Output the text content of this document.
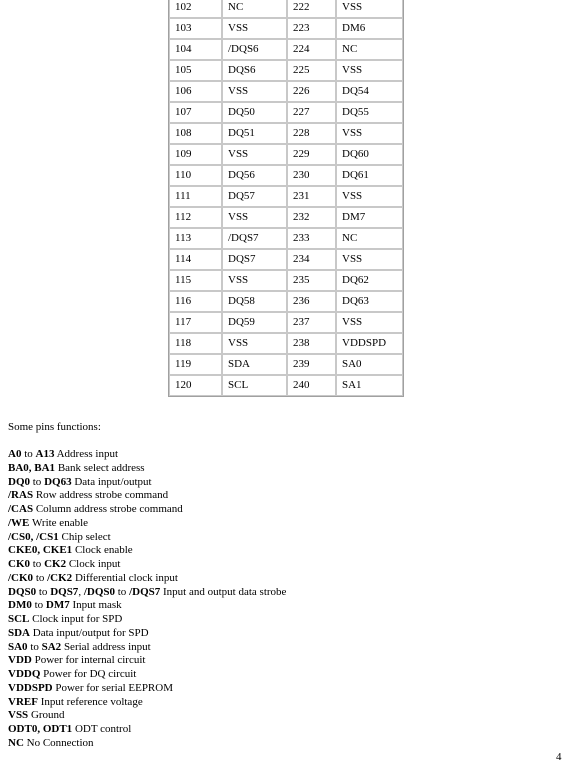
102	NC	222	VSS
103	VSS	223	DM6
104	/DQS6	224	NC
105	DQS6	225	VSS
106	VSS	226	DQ54
107	DQ50	227	DQ55
108	DQ51	228	VSS
109	VSS	229	DQ60
110	DQ56	230	DQ61
111	DQ57	231	VSS
112	VSS	232	DM7
113	/DQS7	233	NC
114	DQS7	234	VSS
115	VSS	235	DQ62
116	DQ58	236	DQ63
117	DQ59	237	VSS
118	VSS	238	VDDSPD
119	SDA	239	SA0
120	SCL	240	SA1
Some pins functions:
A0 to A13 Address input
BA0, BA1 Bank select address
DQ0 to DQ63 Data input/output
/RAS Row address strobe command
/CAS Column address strobe command
/WE Write enable
/CS0, /CS1 Chip select
CKE0, CKE1 Clock enable
CK0 to CK2 Clock input
/CK0 to /CK2 Differential clock input
DQS0 to DQS7, /DQS0 to /DQS7 Input and output data strobe
DM0 to DM7 Input mask
SCL Clock input for SPD
SDA Data input/output for SPD
SA0 to SA2 Serial address input
VDD Power for internal circuit
VDDQ Power for DQ circuit
VDDSPD Power for serial EEPROM
VREF Input reference voltage
VSS Ground
ODT0, ODT1 ODT control
NC No Connection
4
